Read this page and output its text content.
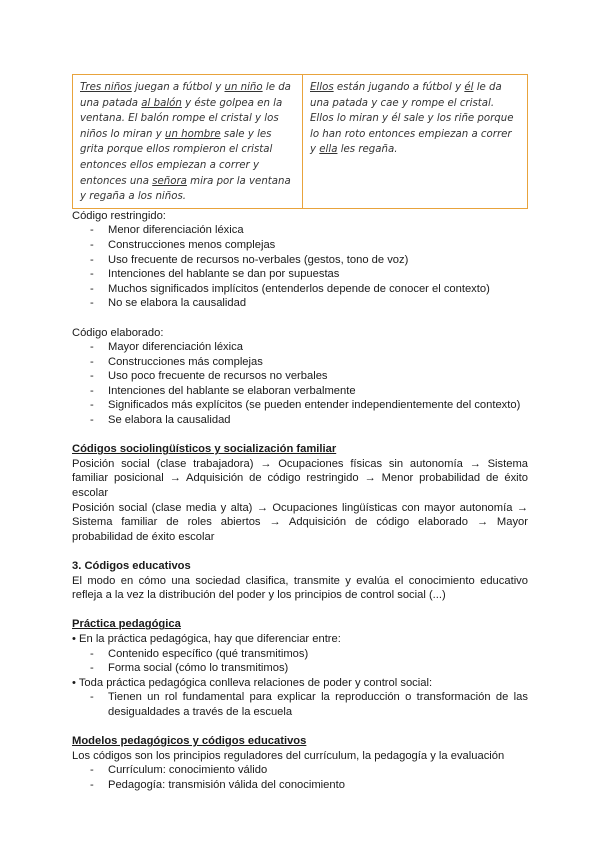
Tres niños juegan a fútbol y un niño le da una patada al balón y éste golpea en la ventana. El balón rompe el cristal y los niños lo miran y un hombre sale y les grita porque ellos rompieron el cristal entonces ellos empiezan a correr y entonces una señora mira por la ventana y regaña a los niños.
Ellos están jugando a fútbol y él le da una patada y cae y rompe el cristal. Ellos lo miran y él sale y los riñe porque lo han roto entonces empiezan a correr y ella les regaña.

Código restringido:

- Menor diferenciación léxica
- Construcciones menos complejas
- Uso frecuente de recursos no-verbales (gestos, tono de voz)
- Intenciones del hablante se dan por supuestas
- Muchos significados implícitos (entenderlos depende de conocer el contexto)
- No se elabora la causalidad

Código elaborado:

- Mayor diferenciación léxica
- Construcciones más complejas
- Uso poco frecuente de recursos no verbales
- Intenciones del hablante se elaboran verbalmente
- Significados más explícitos (se pueden entender independientemente del contexto)
- Se elabora la causalidad

Códigos sociolingüísticos y socialización familiar

Posición social (clase trabajadora) → Ocupaciones físicas sin autonomía → Sistema familiar posicional → Adquisición de código restringido → Menor probabilidad de éxito escolar

Posición social (clase media y alta) → Ocupaciones lingüísticas con mayor autonomía → Sistema familiar de roles abiertos → Adquisición de código elaborado → Mayor probabilidad de éxito escolar

3. Códigos educativos

El modo en cómo una sociedad clasifica, transmite y evalúa el conocimiento educativo refleja a la vez la distribución del poder y los principios de control social (...)

Práctica pedagógica

• En la práctica pedagógica, hay que diferenciar entre:

- Contenido específico (qué transmitimos)
- Forma social (cómo lo transmitimos)

• Toda práctica pedagógica conlleva relaciones de poder y control social:

- Tienen un rol fundamental para explicar la reproducción o transformación de las desigualdades a través de la escuela

Modelos pedagógicos y códigos educativos

Los códigos son los principios reguladores del currículum, la pedagogía y la evaluación

- Currículum: conocimiento válido
- Pedagogía: transmisión válida del conocimiento
